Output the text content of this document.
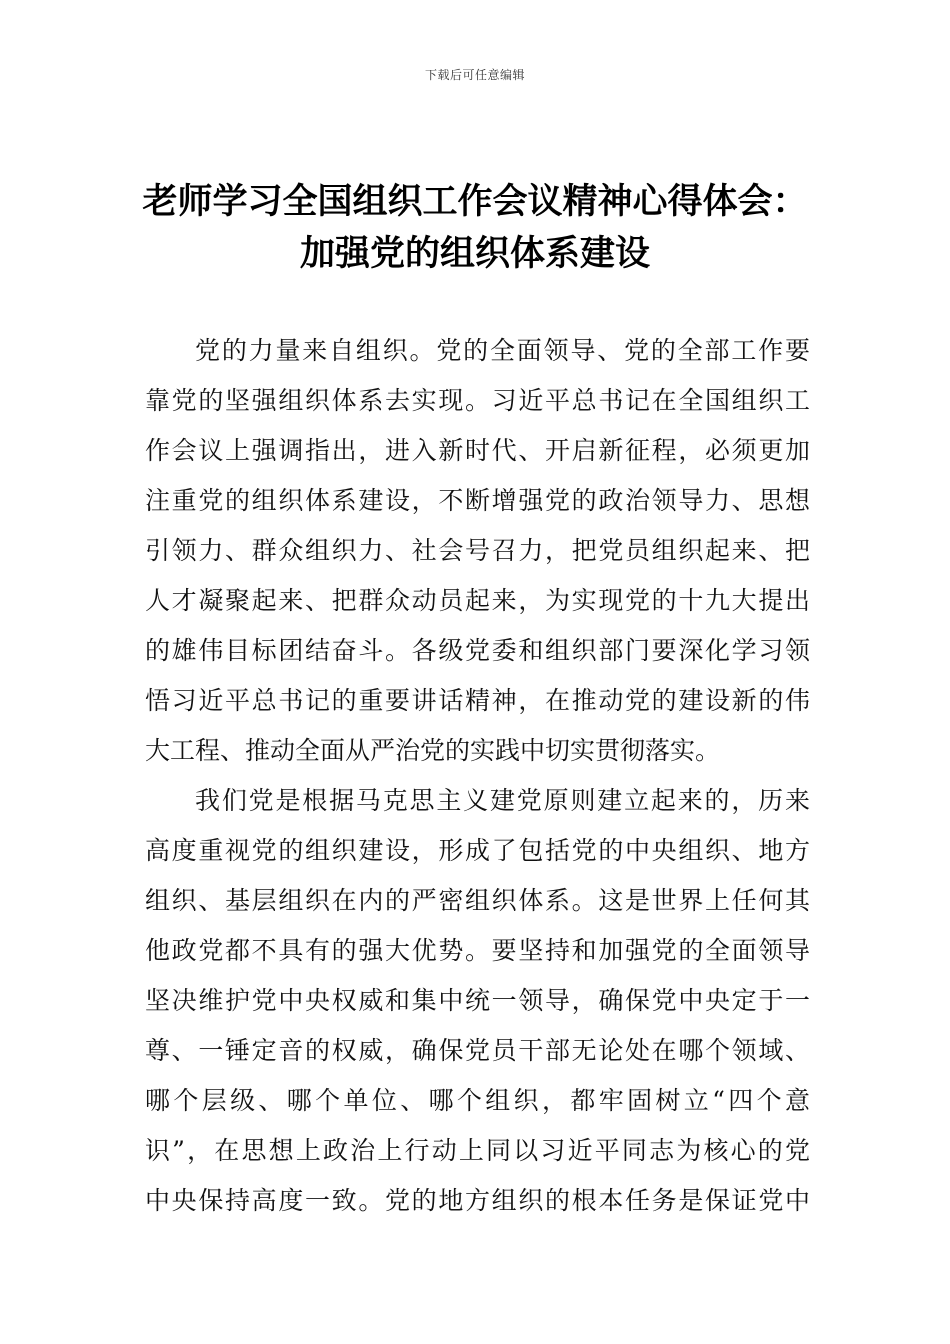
下载后可任意编辑
老师学习全国组织工作会议精神心得体会：
加强党的组织体系建设
党的力量来自组织。党的全面领导、党的全部工作要
靠党的坚强组织体系去实现。习近平总书记在全国组织工
作会议上强调指出，进入新时代、开启新征程，必须更加
注重党的组织体系建设，不断增强党的政治领导力、思想
引领力、群众组织力、社会号召力，把党员组织起来、把
人才凝聚起来、把群众动员起来，为实现党的十九大提出
的雄伟目标团结奋斗。各级党委和组织部门要深化学习领
悟习近平总书记的重要讲话精神，在推动党的建设新的伟
大工程、推动全面从严治党的实践中切实贯彻落实。
我们党是根据马克思主义建党原则建立起来的，历来
高度重视党的组织建设，形成了包括党的中央组织、地方
组织、基层组织在内的严密组织体系。这是世界上任何其
他政党都不具有的强大优势。要坚持和加强党的全面领导
坚决维护党中央权威和集中统一领导，确保党中央定于一
尊、一锤定音的权威，确保党员干部无论处在哪个领域、
哪个层级、哪个单位、哪个组织，都牢固树立“四个意
识”，在思想上政治上行动上同以习近平同志为核心的党
中央保持高度一致。党的地方组织的根本任务是保证党中
